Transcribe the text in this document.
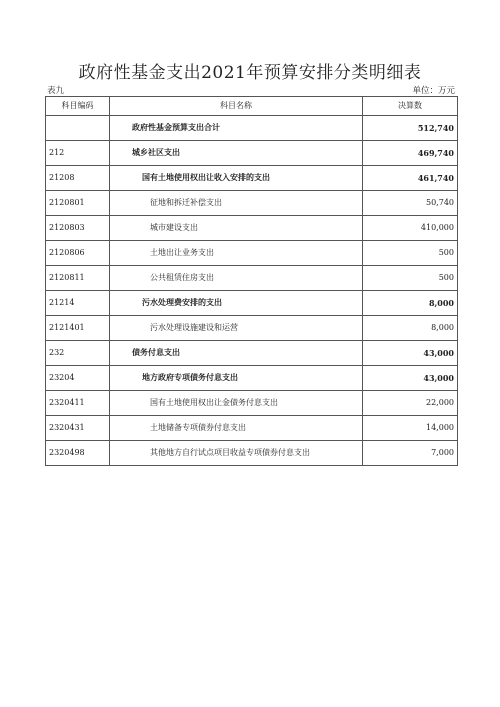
政府性基金支出2021年预算安排分类明细表
表九	单位：万元
科目编码	科目名称	决算数
	政府性基金预算支出合计	512,740
212	城乡社区支出	469,740
21208	国有土地使用权出让收入安排的支出	461,740
2120801	征地和拆迁补偿支出	50,740
2120803	城市建设支出	410,000
2120806	土地出让业务支出	500
2120811	公共租赁住房支出	500
21214	污水处理费安排的支出	8,000
2121401	污水处理设施建设和运营	8,000
232	债务付息支出	43,000
23204	地方政府专项债务付息支出	43,000
2320411	国有土地使用权出让金债务付息支出	22,000
2320431	土地储备专项债券付息支出	14,000
2320498	其他地方自行试点项目收益专项债券付息支出	7,000
